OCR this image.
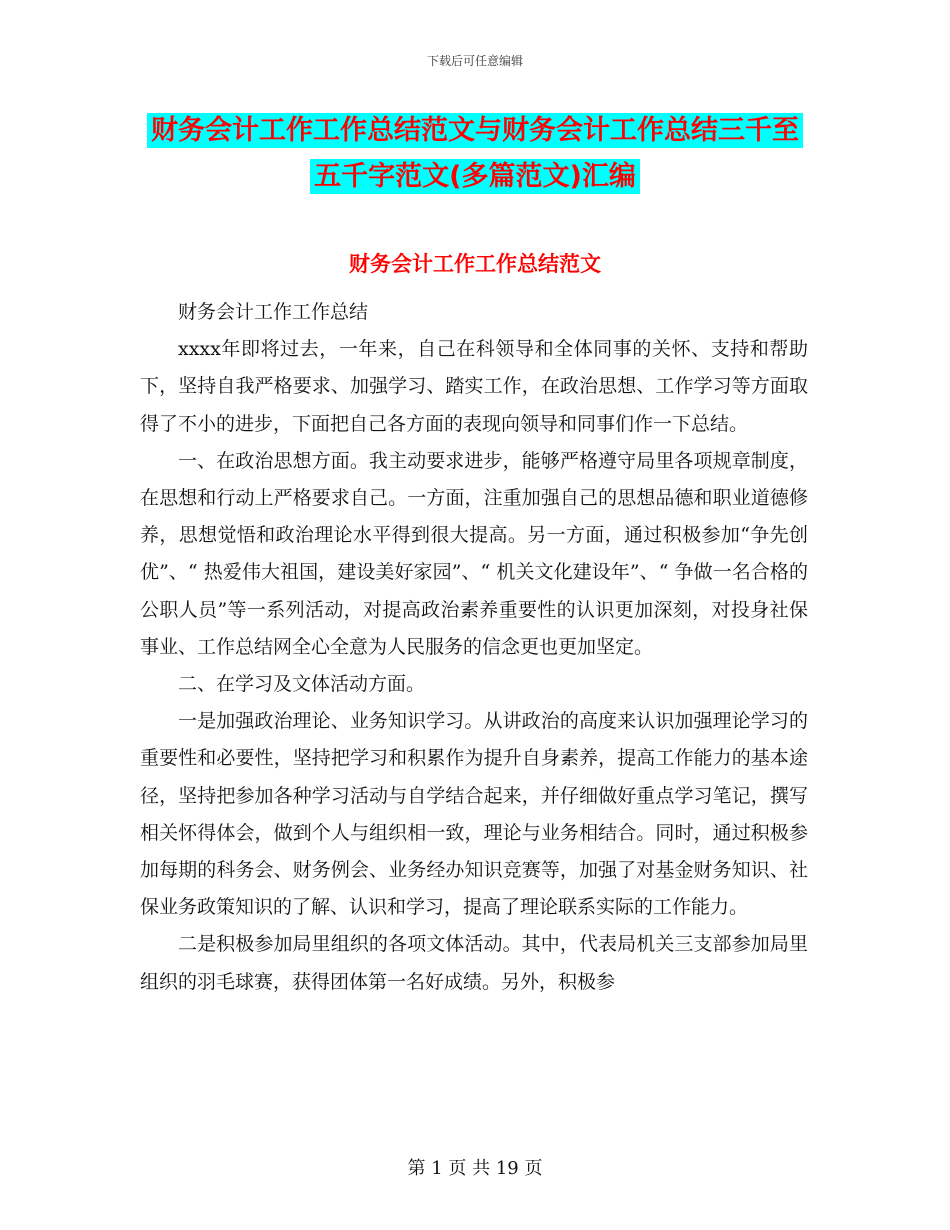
下载后可任意编辑
财务会计工作工作总结范文与财务会计工作总结三千至五千字范文(多篇范文)汇编
财务会计工作工作总结范文

财务会计工作工作总结

xxxx年即将过去，一年来，自己在科领导和全体同事的关怀、支持和帮助下，坚持自我严格要求、加强学习、踏实工作，在政治思想、工作学习等方面取得了不小的进步，下面把自己各方面的表现向领导和同事们作一下总结。

一、在政治思想方面。我主动要求进步，能够严格遵守局里各项规章制度，在思想和行动上严格要求自己。一方面，注重加强自己的思想品德和职业道德修养，思想觉悟和政治理论水平得到很大提高。另一方面，通过积极参加“争先创优”、“ 热爱伟大祖国，建设美好家园”、“ 机关文化建设年”、“ 争做一名合格的公职人员”等一系列活动，对提高政治素养重要性的认识更加深刻，对投身社保事业、工作总结网全心全意为人民服务的信念更也更加坚定。

二、在学习及文体活动方面。

一是加强政治理论、业务知识学习。从讲政治的高度来认识加强理论学习的重要性和必要性，坚持把学习和积累作为提升自身素养，提高工作能力的基本途径，坚持把参加各种学习活动与自学结合起来，并仔细做好重点学习笔记，撰写相关怀得体会，做到个人与组织相一致，理论与业务相结合。同时，通过积极参加每期的科务会、财务例会、业务经办知识竞赛等，加强了对基金财务知识、社保业务政策知识的了解、认识和学习，提高了理论联系实际的工作能力。

二是积极参加局里组织的各项文体活动。其中，代表局机关三支部参加局里组织的羽毛球赛，获得团体第一名好成绩。另外，积极参

第 1 页 共 19 页
